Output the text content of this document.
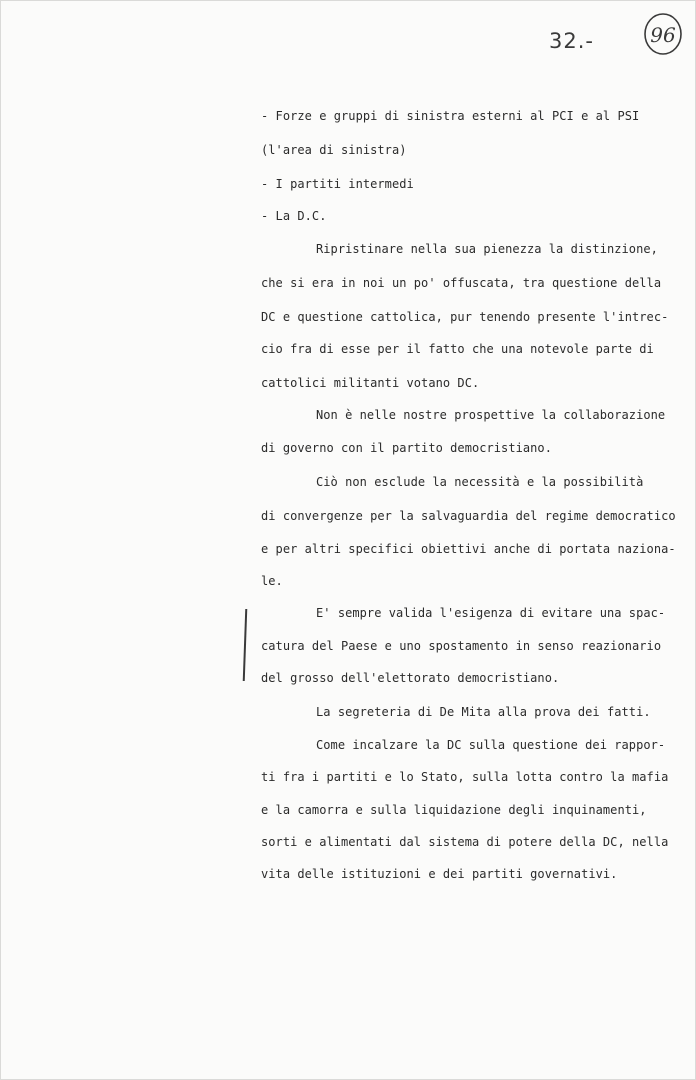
32.-	96

- Forze e gruppi di sinistra esterni al PCI e al PSI

(l'area di sinistra)

- I partiti intermedi

- La D.C.

Ripristinare nella sua pienezza la distinzione,

che si era in noi un po' offuscata, tra questione della

DC e questione cattolica, pur tenendo presente l'intrec-

cio fra di esse per il fatto che una notevole parte di

cattolici militanti votano DC.

Non è nelle nostre prospettive la collaborazione

di governo con il partito democristiano.

Ciò non esclude la necessità e la possibilità

di convergenze per la salvaguardia del regime democratico

e per altri specifici obiettivi anche di portata naziona-

le.

E' sempre valida l'esigenza di evitare una spac-

catura del Paese e uno spostamento in senso reazionario

del grosso dell'elettorato democristiano.

La segreteria di De Mita alla prova dei fatti.

Come incalzare la DC sulla questione dei rappor-

ti fra i partiti e lo Stato, sulla lotta contro la mafia

e la camorra e sulla liquidazione degli inquinamenti,

sorti e alimentati dal sistema di potere della DC, nella

vita delle istituzioni e dei partiti governativi.
